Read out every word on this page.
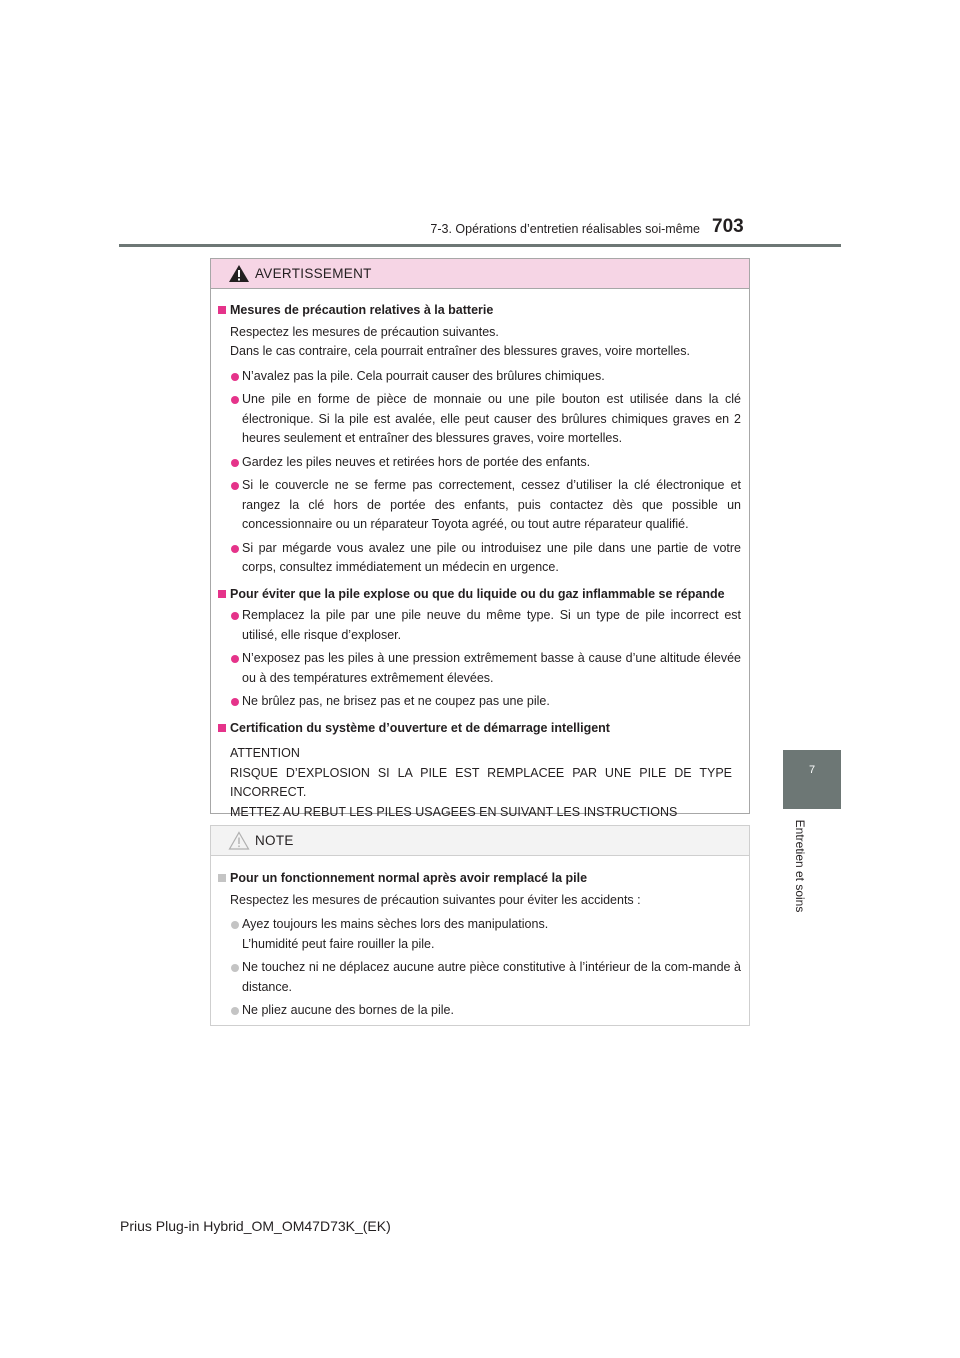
7-3. Opérations d’entretien réalisables soi-même 703
7
Entretien et soins
AVERTISSEMENT
Mesures de précaution relatives à la batterie
Respectez les mesures de précaution suivantes.
Dans le cas contraire, cela pourrait entraîner des blessures graves, voire mortelles.
N’avalez pas la pile. Cela pourrait causer des brûlures chimiques.
Une pile en forme de pièce de monnaie ou une pile bouton est utilisée dans la clé électronique. Si la pile est avalée, elle peut causer des brûlures chimiques graves en 2 heures seulement et entraîner des blessures graves, voire mortelles.
Gardez les piles neuves et retirées hors de portée des enfants.
Si le couvercle ne se ferme pas correctement, cessez d’utiliser la clé électronique et rangez la clé hors de portée des enfants, puis contactez dès que possible un concessionnaire ou un réparateur Toyota agréé, ou tout autre réparateur qualifié.
Si par mégarde vous avalez une pile ou introduisez une pile dans une partie de votre corps, consultez immédiatement un médecin en urgence.
Pour éviter que la pile explose ou que du liquide ou du gaz inflammable se répande
Remplacez la pile par une pile neuve du même type. Si un type de pile incorrect est utilisé, elle risque d’exploser.
N’exposez pas les piles à une pression extrêmement basse à cause d’une altitude élevée ou à des températures extrêmement élevées.
Ne brûlez pas, ne brisez pas et ne coupez pas une pile.
Certification du système d’ouverture et de démarrage intelligent
ATTENTION
RISQUE D’EXPLOSION SI LA PILE EST REMPLACEE PAR UNE PILE DE TYPE INCORRECT.
METTEZ AU REBUT LES PILES USAGEES EN SUIVANT LES INSTRUCTIONS
NOTE
Pour un fonctionnement normal après avoir remplacé la pile
Respectez les mesures de précaution suivantes pour éviter les accidents :
Ayez toujours les mains sèches lors des manipulations.
L’humidité peut faire rouiller la pile.
Ne touchez ni ne déplacez aucune autre pièce constitutive à l’intérieur de la com-mande à distance.
Ne pliez aucune des bornes de la pile.
Prius Plug-in Hybrid_OM_OM47D73K_(EK)
